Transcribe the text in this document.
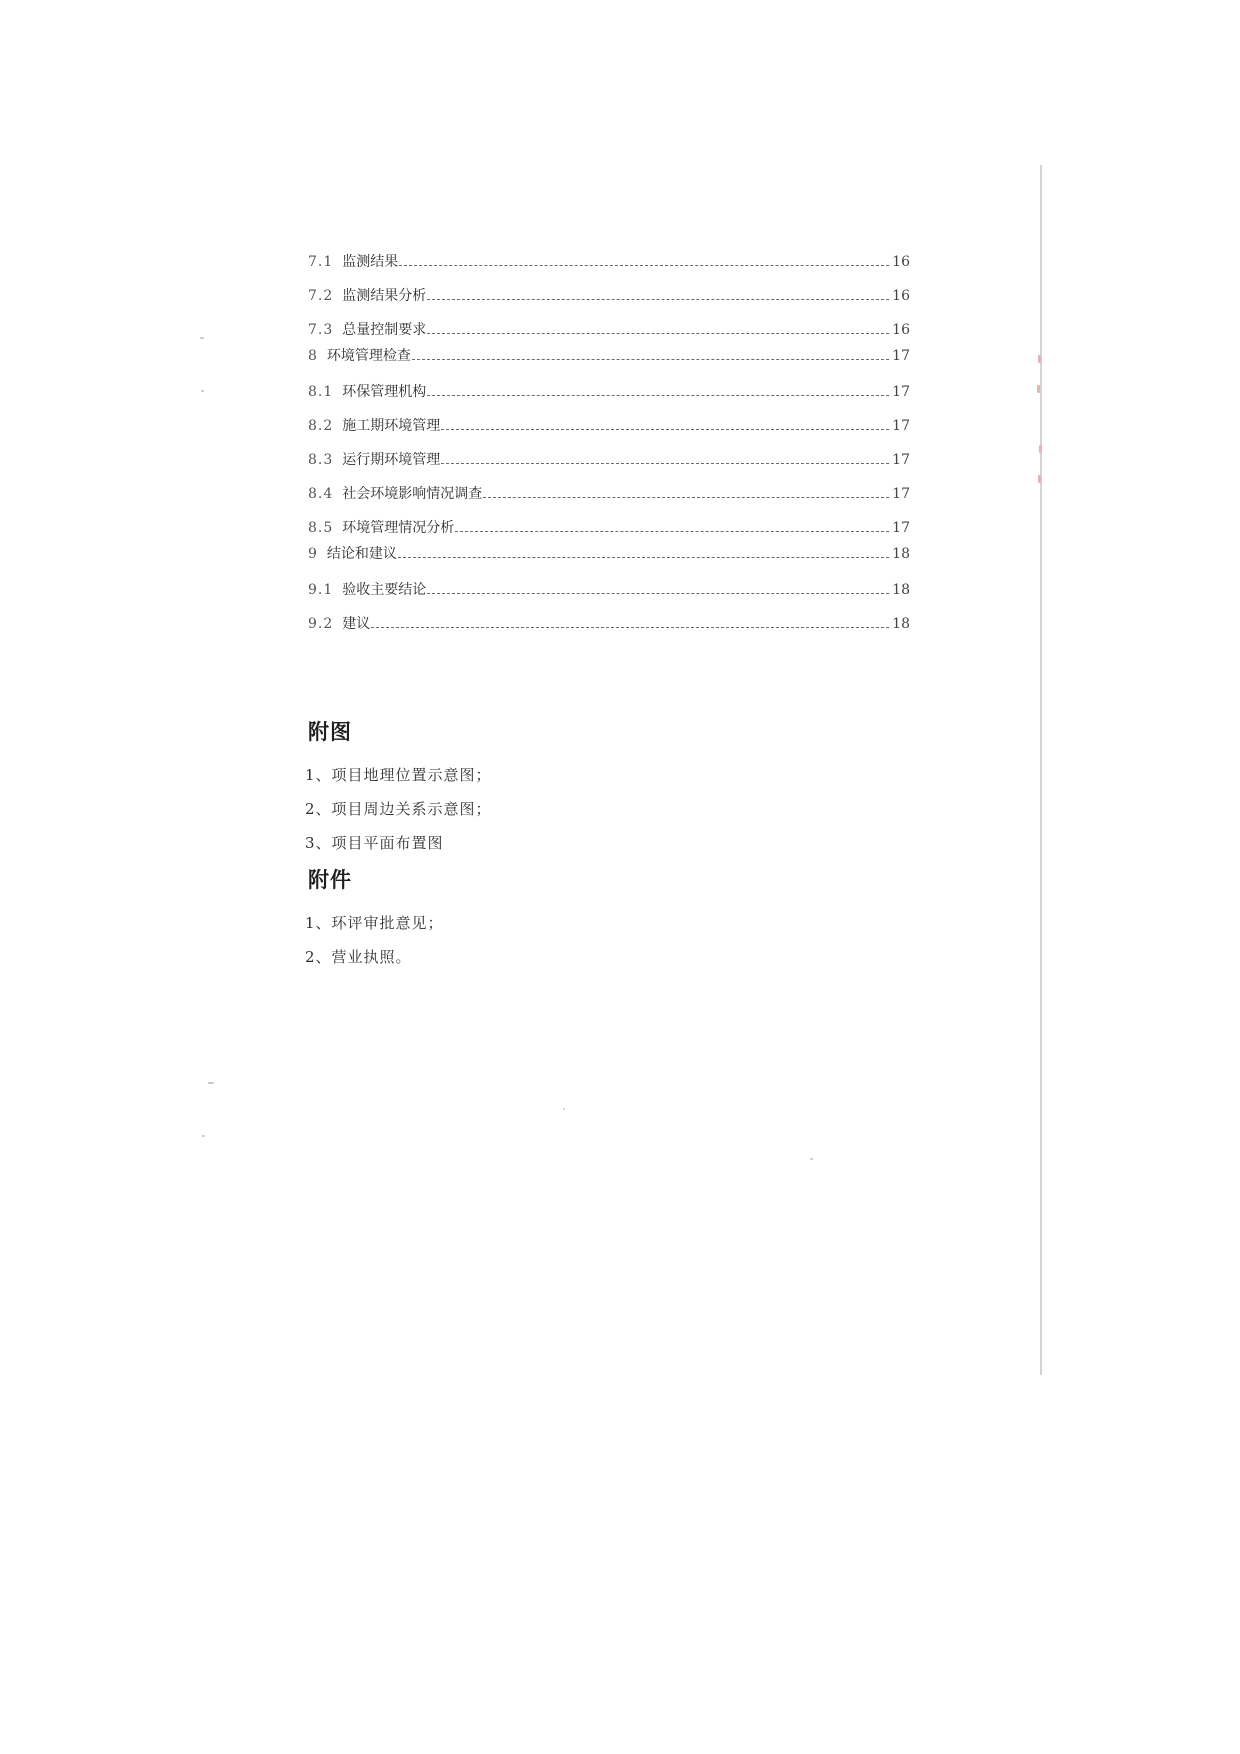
7.1 监测结果	16
7.2 监测结果分析	16
7.3 总量控制要求	16
8 环境管理检查	17
8.1 环保管理机构	17
8.2 施工期环境管理	17
8.3 运行期环境管理	17
8.4 社会环境影响情况调查	17
8.5 环境管理情况分析	17
9 结论和建议	18
9.1 验收主要结论	18
9.2 建议	18
附图
1、项目地理位置示意图；
2、项目周边关系示意图；
3、项目平面布置图
附件
1、环评审批意见；
2、营业执照。
